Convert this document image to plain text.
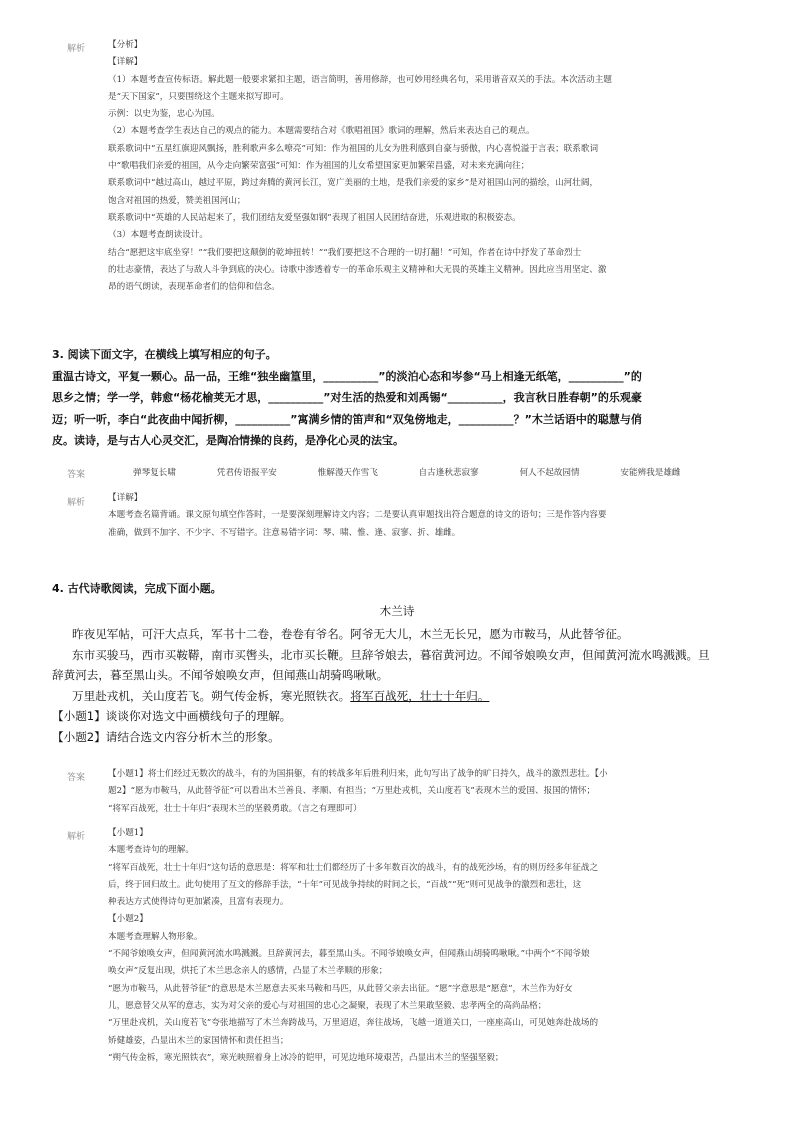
解析	【分析】
【详解】
（1）本题考查宣传标语。解此题一般要求紧扣主题，语言简明，善用修辞，也可妙用经典名句，采用谐音双关的手法。本次活动主题
是“天下国家”，只要围绕这个主题来拟写即可。
示例：以史为鉴，忠心为国。
（2）本题考查学生表达自己的观点的能力。本题需要结合对《歌唱祖国》歌词的理解，然后来表达自己的观点。
联系歌词中“五星红旗迎风飘扬，胜利歌声多么嘹亮”可知：作为祖国的儿女为胜利感到自豪与骄傲，内心喜悦溢于言表；联系歌词
中“歌唱我们亲爱的祖国，从今走向繁荣富强”可知：作为祖国的儿女希望国家更加繁荣昌盛，对未来充满向往；
联系歌词中“越过高山，越过平原，跨过奔腾的黄河长江，宽广美丽的土地，是我们亲爱的家乡”是对祖国山河的描绘，山河壮阔，
饱含对祖国的热爱，赞美祖国河山；
联系歌词中“英雄的人民站起来了，我们团结友爱坚强如钢”表现了祖国人民团结奋进，乐观进取的积极姿态。
（3）本题考查朗读设计。
结合“愿把这牢底坐穿！”“我们要把这颠倒的乾坤扭转！”“我们要把这不合理的一切打翻！”可知，作者在诗中抒发了革命烈士
的壮志豪情，表达了与敌人斗争到底的决心。诗歌中渗透着专一的革命乐观主义精神和大无畏的英雄主义精神。因此应当用坚定、激
昂的语气朗读，表现革命者们的信仰和信念。
3. 阅读下面文字，在横线上填写相应的句子。
重温古诗文，平复一颗心。品一品，王维“独坐幽篁里，__________”的淡泊心态和岑参“马上相逢无纸笔，__________”的
思乡之情；学一学，韩愈“杨花榆荚无才思，__________”对生活的热爱和刘禹锡“__________，我言秋日胜春朝”的乐观豪
迈；听一听，李白“此夜曲中闻折柳，__________”寓满乡情的笛声和“双兔傍地走，__________？”木兰话语中的聪慧与俏
皮。读诗，是与古人心灵交汇，是陶冶情操的良药，是净化心灵的法宝。
答案	弹琴复长啸	凭君传语报平安	惟解漫天作雪飞	自古逢秋悲寂寥	何人不起故园情	安能辨我是雄雌
解析	【详解】
本题考查名篇背诵。课文原句填空作答时，一是要深刻理解诗文内容；二是要认真审题找出符合题意的诗文的语句；三是作答内容要
准确，做到不加字、不少字、不写错字。注意易错字词：琴、啸、惟、逢、寂寥、折、雄雌。
4. 古代诗歌阅读，完成下面小题。
木兰诗
昨夜见军帖，可汗大点兵，军书十二卷，卷卷有爷名。阿爷无大儿，木兰无长兄，愿为市鞍马，从此替爷征。
东市买骏马，西市买鞍鞯，南市买辔头，北市买长鞭。旦辞爷娘去，暮宿黄河边。不闻爷娘唤女声，但闻黄河流水鸣溅溅。旦
辞黄河去，暮至黑山头。不闻爷娘唤女声，但闻燕山胡骑鸣啾啾。
万里赴戎机，关山度若飞。朔气传金柝，寒光照铁衣。将军百战死，壮士十年归。
【小题1】谈谈你对选文中画横线句子的理解。
【小题2】请结合选文内容分析木兰的形象。
答案	【小题1】将士们经过无数次的战斗，有的为国捐躯，有的转战多年后胜利归来，此句写出了战争的旷日持久，战斗的激烈悲壮。【小
题2】“愿为市鞍马，从此替爷征”可以看出木兰善良、孝顺、有担当；“万里赴戎机，关山度若飞”表现木兰的爱国、报国的情怀；
“将军百战死，壮士十年归”表现木兰的坚毅勇敢。（言之有理即可）
解析	【小题1】
本题考查诗句的理解。
“将军百战死，壮士十年归”这句话的意思是：将军和壮士们都经历了十多年数百次的战斗，有的战死沙场，有的则历经多年征战之
后，终于回归故土。此句使用了互文的修辞手法，“十年”可见战争持续的时间之长，“百战”“死”则可见战争的激烈和悲壮，这
种表达方式使得诗句更加紧凑，且富有表现力。
【小题2】
本题考查理解人物形象。
“不闻爷娘唤女声，但闻黄河流水鸣溅溅。旦辞黄河去，暮至黑山头。不闻爷娘唤女声，但闻燕山胡骑鸣啾啾。”中两个“不闻爷娘
唤女声”反复出现，烘托了木兰思念亲人的感情，凸显了木兰孝顺的形象；
“愿为市鞍马，从此替爷征”的意思是木兰愿意去买来马鞍和马匹，从此替父亲去出征。“愿”字意思是“愿意”，木兰作为好女
儿，愿意替父从军的意志，实为对父亲的爱心与对祖国的忠心之凝聚，表现了木兰果敢坚毅、忠孝两全的高尚品格；
“万里赴戎机，关山度若飞”夸张地描写了木兰奔跨战马，万里迢迢，奔往战场，飞越一道道关口，一座座高山，可见她奔赴战场的
矫健雄姿，凸显出木兰的家国情怀和责任担当；
“朔气传金柝，寒光照铁衣”，寒光映照着身上冰冷的铠甲，可见边地环境艰苦，凸显出木兰的坚强坚毅；
